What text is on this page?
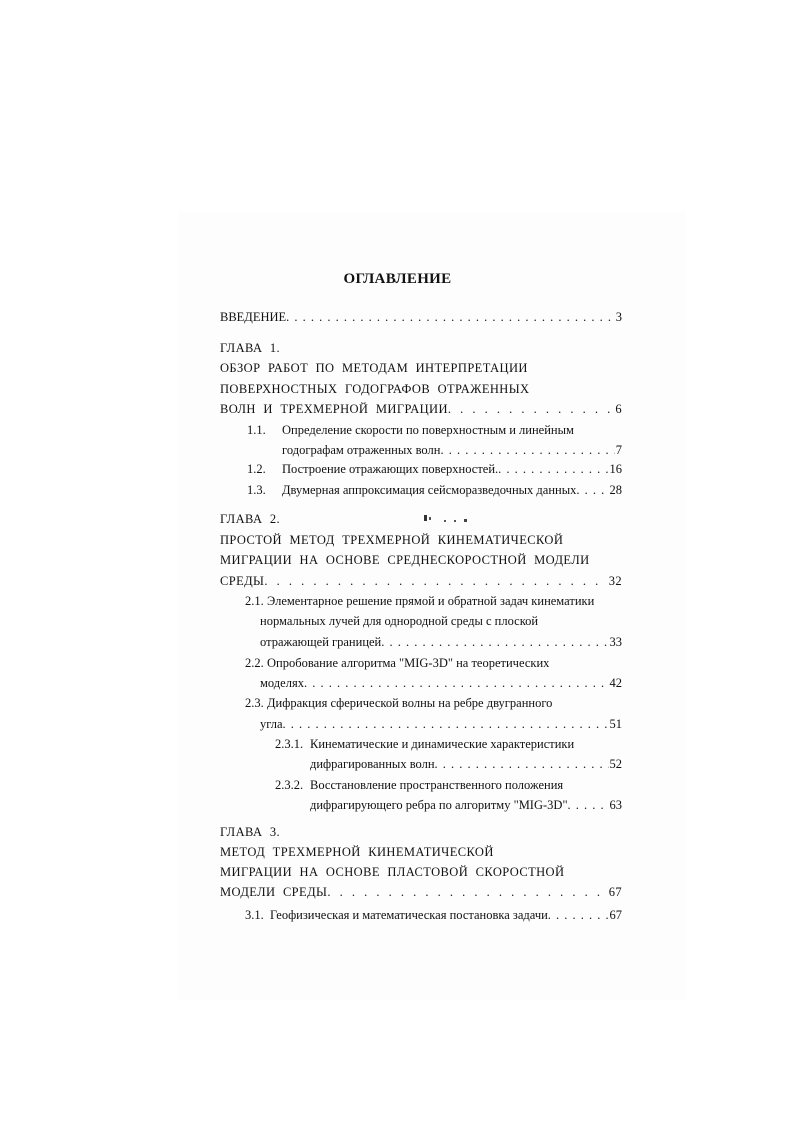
ОГЛАВЛЕНИЕ
ВВЕДЕНИЕ . . .	3
ГЛАВА 1.
ОБЗОР РАБОТ ПО МЕТОДАМ ИНТЕРПРЕТАЦИИ
ПОВЕРХНОСТНЫХ ГОДОГРАФОВ ОТРАЖЕННЫХ
ВОЛН И ТРЕХМЕРНОЙ МИГРАЦИИ . . .	6
1.1. Определение скорости по поверхностным и линейным
годографам отраженных волн . . .	7
1.2. Построение отражающих поверхностей. . . .	16
1.3. Двумерная аппроксимация сейсморазведочных данных . . .	28
ГЛАВА 2.
ПРОСТОЙ МЕТОД ТРЕХМЕРНОЙ КИНЕМАТИЧЕСКОЙ
МИГРАЦИИ НА ОСНОВЕ СРЕДНЕСКОРОСТНОЙ МОДЕЛИ
СРЕДЫ . . .	32
2.1. Элементарное решение прямой и обратной задач кинематики
нормальных лучей для однородной среды с плоской
отражающей границей . . .	33
2.2. Опробование алгоритма "MIG-3D" на теоретических
моделях . . .	42
2.3. Дифракция сферической волны на ребре двугранного
угла . . .	51
2.3.1. Кинематические и динамические характеристики
дифрагированных волн . . .	52
2.3.2. Восстановление пространственного положения
дифрагирующего ребра по алгоритму "MIG-3D" . . .	63
ГЛАВА 3.
МЕТОД ТРЕХМЕРНОЙ КИНЕМАТИЧЕСКОЙ
МИГРАЦИИ НА ОСНОВЕ ПЛАСТОВОЙ СКОРОСТНОЙ
МОДЕЛИ СРЕДЫ . . .	67
3.1. Геофизическая и математическая постановка задачи . . .	67
